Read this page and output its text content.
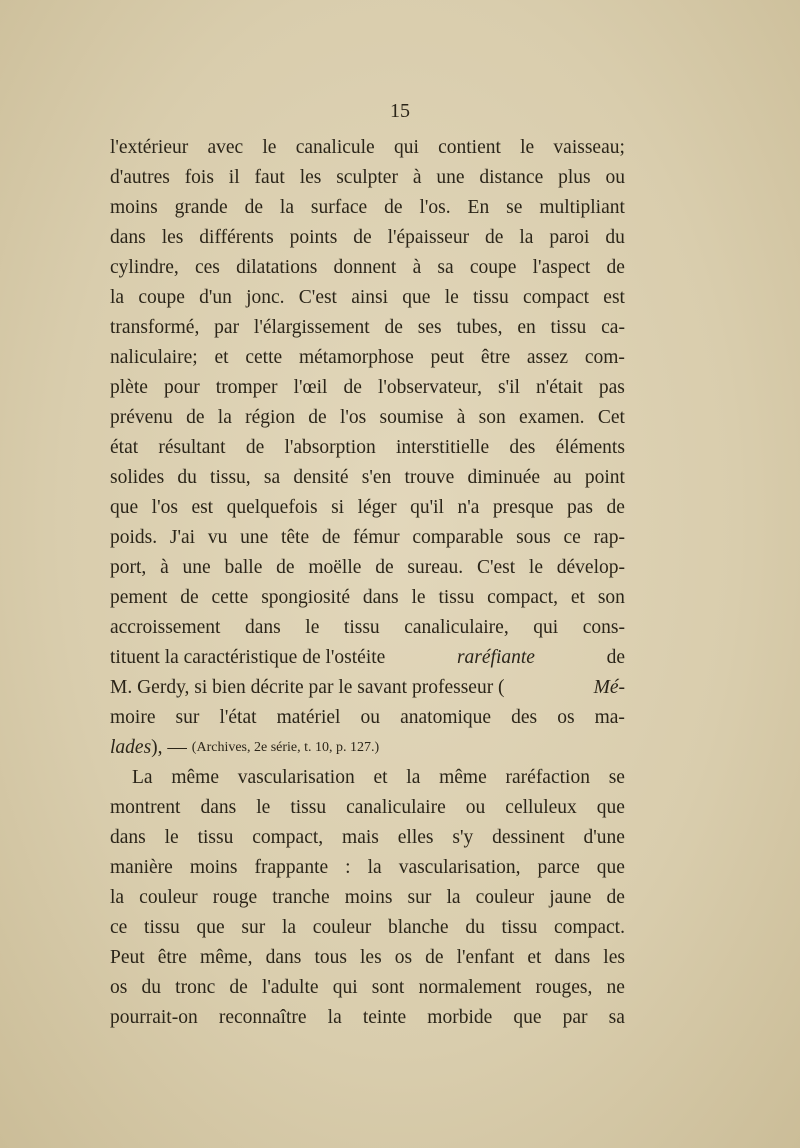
15
l'extérieur avec le canalicule qui contient le vaisseau;
d'autres fois il faut les sculpter à une distance plus ou
moins grande de la surface de l'os. En se multipliant
dans les différents points de l'épaisseur de la paroi du
cylindre, ces dilatations donnent à sa coupe l'aspect de
la coupe d'un jonc. C'est ainsi que le tissu compact est
transformé, par l'élargissement de ses tubes, en tissu ca-
naliculaire; et cette métamorphose peut être assez com-
plète pour tromper l'œil de l'observateur, s'il n'était pas
prévenu de la région de l'os soumise à son examen. Cet
état résultant de l'absorption interstitielle des éléments
solides du tissu, sa densité s'en trouve diminuée au point
que l'os est quelquefois si léger qu'il n'a presque pas de
poids. J'ai vu une tête de fémur comparable sous ce rap-
port, à une balle de moëlle de sureau. C'est le dévelop-
pement de cette spongiosité dans le tissu compact, et son
accroissement dans le tissu canaliculaire, qui cons-
tituent la caractéristique de l'ostéite	raréfiante	de
M. Gerdy, si bien décrite par le savant professeur (	Mé-
moire sur l'état matériel ou anatomique des os ma-
lades ), — (Archives, 2e série, t. 10, p. 127.)
La même vascularisation et la même raréfaction se
montrent dans le tissu canaliculaire ou celluleux que
dans le tissu compact, mais elles s'y dessinent d'une
manière moins frappante : la vascularisation, parce que
la couleur rouge tranche moins sur la couleur jaune de
ce tissu que sur la couleur blanche du tissu compact.
Peut être même, dans tous les os de l'enfant et dans les
os du tronc de l'adulte qui sont normalement rouges, ne
pourrait-on reconnaître la teinte morbide que par sa
